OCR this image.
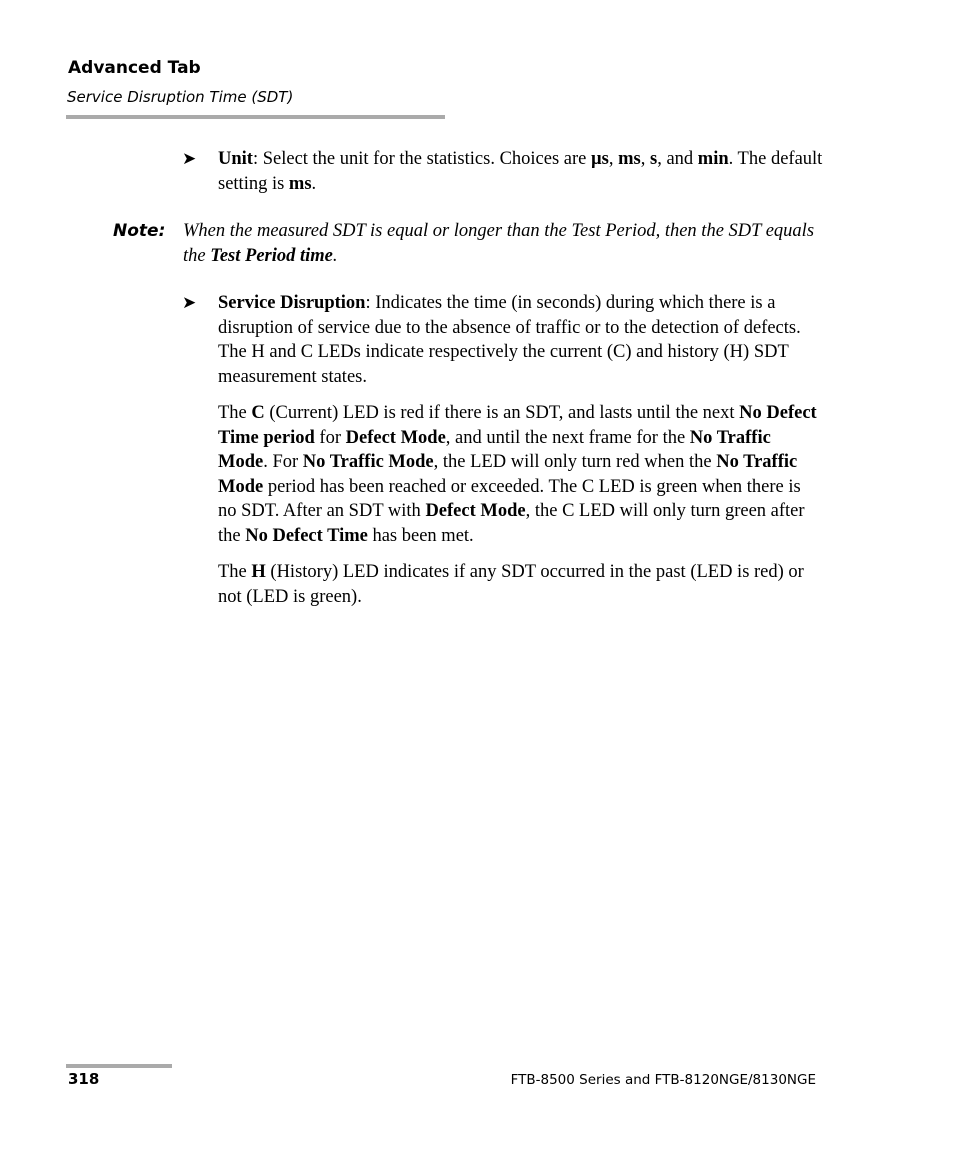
Advanced Tab
Service Disruption Time (SDT)
➤ Unit: Select the unit for the statistics. Choices are µs, ms, s, and min. The default setting is ms.

Note: When the measured SDT is equal or longer than the Test Period, then the SDT equals the Test Period time.

➤ Service Disruption: Indicates the time (in seconds) during which there is a disruption of service due to the absence of traffic or to the detection of defects. The H and C LEDs indicate respectively the current (C) and history (H) SDT measurement states.

The C (Current) LED is red if there is an SDT, and lasts until the next No Defect Time period for Defect Mode, and until the next frame for the No Traffic Mode. For No Traffic Mode, the LED will only turn red when the No Traffic Mode period has been reached or exceeded. The C LED is green when there is no SDT. After an SDT with Defect Mode, the C LED will only turn green after the No Defect Time has been met.

The H (History) LED indicates if any SDT occurred in the past (LED is red) or not (LED is green).

318	FTB-8500 Series and FTB-8120NGE/8130NGE
